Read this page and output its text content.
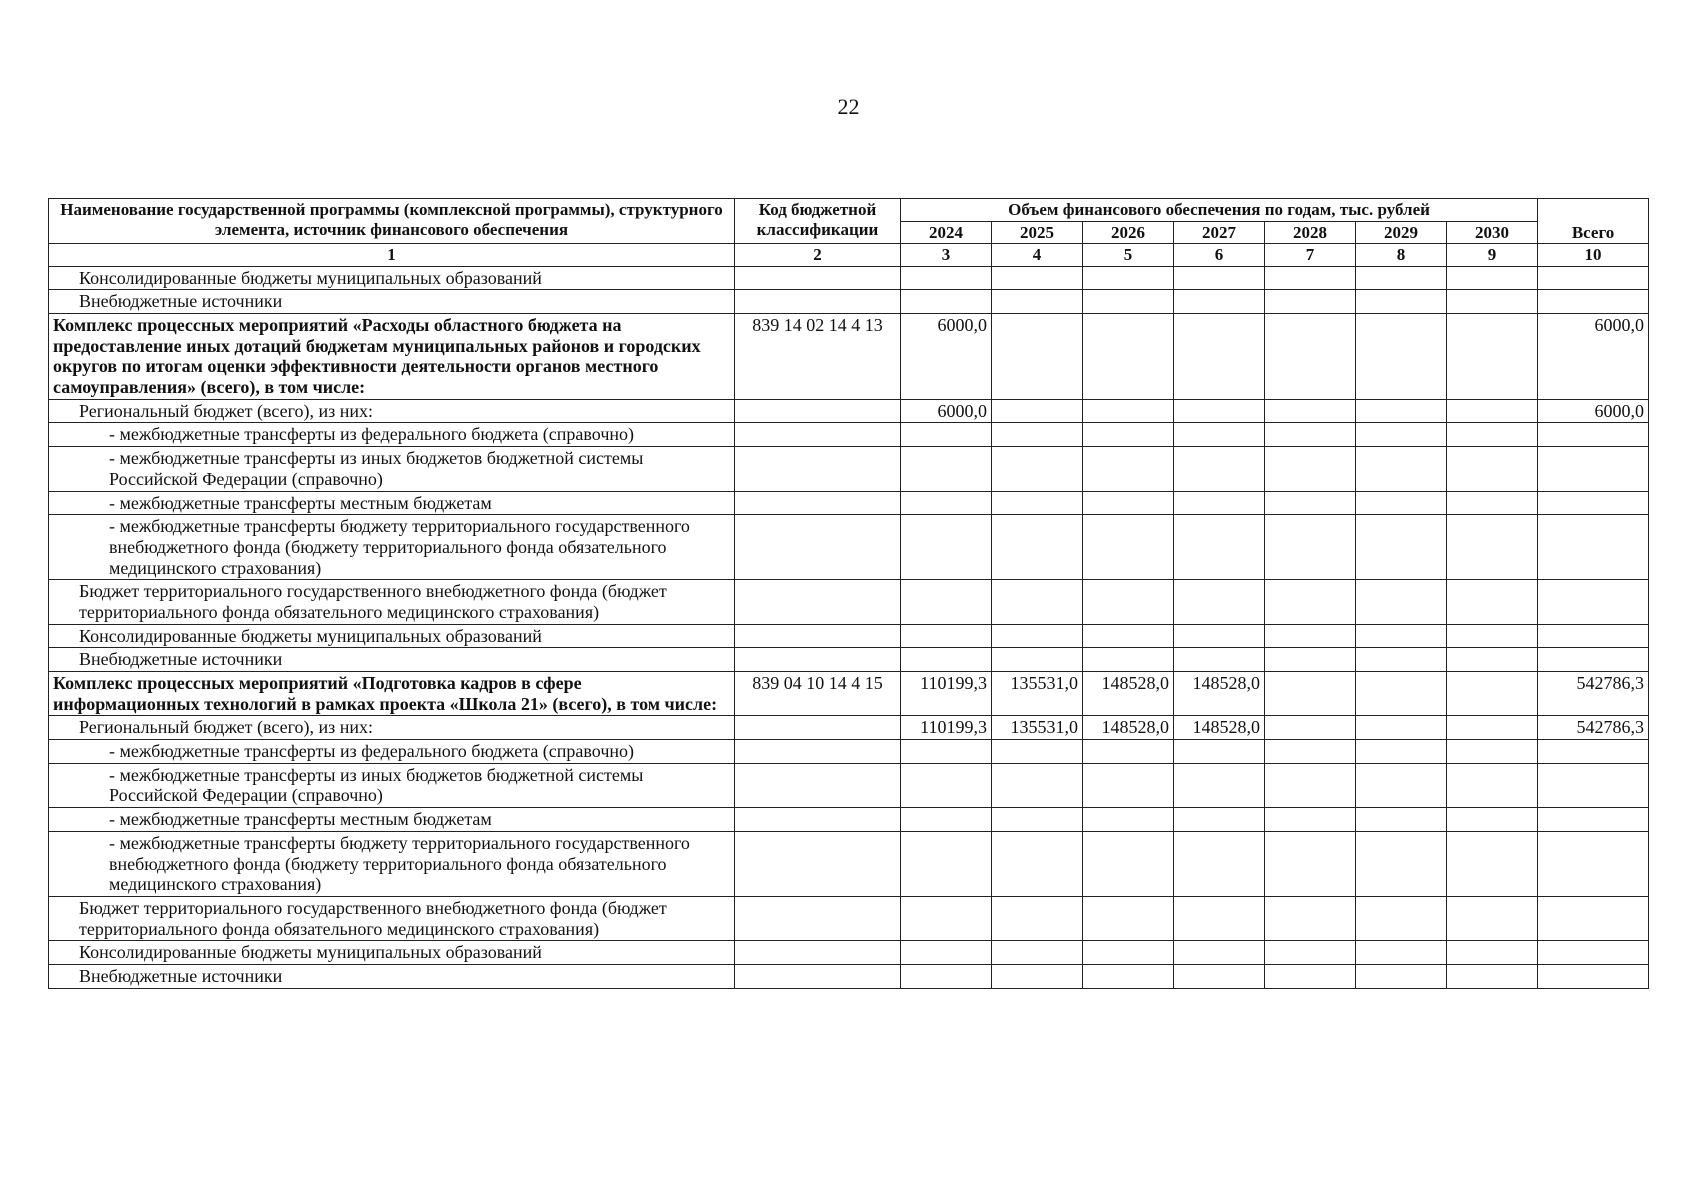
22
Наименование государственной программы (комплексной программы), структурного элемента, источник финансового обеспечения	Код бюджетной классификации	Объем финансового обеспечения по годам, тыс. рублей							Всего
		2024	2025	2026	2027	2028	2029	2030	
1	2	3	4	5	6	7	8	9	10
Консолидированные бюджеты муниципальных образований									
Внебюджетные источники									
Комплекс процессных мероприятий «Расходы областного бюджета на предоставление иных дотаций бюджетам муниципальных районов и городских округов по итогам оценки эффективности деятельности органов местного самоуправления» (всего), в том числе:	839 14 02 14 4 13	6000,0							6000,0
Региональный бюджет (всего), из них:		6000,0							6000,0
- межбюджетные трансферты из федерального бюджета (справочно)									
- межбюджетные трансферты из иных бюджетов бюджетной системы Российской Федерации (справочно)									
- межбюджетные трансферты местным бюджетам									
- межбюджетные трансферты бюджету территориального государственного внебюджетного фонда (бюджету территориального фонда обязательного медицинского страхования)									
Бюджет территориального государственного внебюджетного фонда (бюджет территориального фонда обязательного медицинского страхования)									
Консолидированные бюджеты муниципальных образований									
Внебюджетные источники									
Комплекс процессных мероприятий «Подготовка кадров в сфере информационных технологий в рамках проекта «Школа 21» (всего), в том числе:	839 04 10 14 4 15	110199,3	135531,0	148528,0	148528,0				542786,3
Региональный бюджет (всего), из них:		110199,3	135531,0	148528,0	148528,0				542786,3
- межбюджетные трансферты из федерального бюджета (справочно)									
- межбюджетные трансферты из иных бюджетов бюджетной системы Российской Федерации (справочно)									
- межбюджетные трансферты местным бюджетам									
- межбюджетные трансферты бюджету территориального государственного внебюджетного фонда (бюджету территориального фонда обязательного медицинского страхования)									
Бюджет территориального государственного внебюджетного фонда (бюджет территориального фонда обязательного медицинского страхования)									
Консолидированные бюджеты муниципальных образований									
Внебюджетные источники									
